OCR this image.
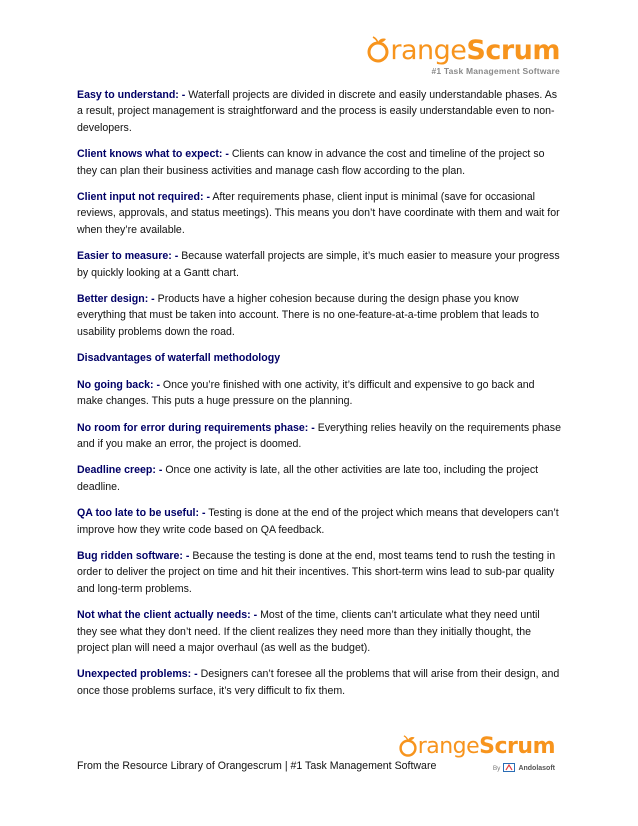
range Scrum
#1 Task Management Software

Easy to understand: - Waterfall projects are divided in discrete and easily understandable phases. As a result, project management is straightforward and the process is easily understandable even to non-developers.

Client knows what to expect: - Clients can know in advance the cost and timeline of the project so they can plan their business activities and manage cash flow according to the plan.

Client input not required: - After requirements phase, client input is minimal (save for occasional reviews, approvals, and status meetings). This means you don’t have coordinate with them and wait for when they’re available.

Easier to measure: - Because waterfall projects are simple, it’s much easier to measure your progress by quickly looking at a Gantt chart.

Better design: - Products have a higher cohesion because during the design phase you know everything that must be taken into account. There is no one-feature-at-a-time problem that leads to usability problems down the road.

Disadvantages of waterfall methodology

No going back: - Once you’re finished with one activity, it’s difficult and expensive to go back and make changes. This puts a huge pressure on the planning.

No room for error during requirements phase: - Everything relies heavily on the requirements phase and if you make an error, the project is doomed.

Deadline creep: - Once one activity is late, all the other activities are late too, including the project deadline.

QA too late to be useful: - Testing is done at the end of the project which means that developers can’t improve how they write code based on QA feedback.

Bug ridden software: - Because the testing is done at the end, most teams tend to rush the testing in order to deliver the project on time and hit their incentives. This short-term wins lead to sub-par quality and long-term problems.

Not what the client actually needs: - Most of the time, clients can’t articulate what they need until they see what they don’t need. If the client realizes they need more than they initially thought, the project plan will need a major overhaul (as well as the budget).

Unexpected problems: - Designers can’t foresee all the problems that will arise from their design, and once those problems surface, it’s very difficult to fix them.

From the Resource Library of Orangescrum | #1 Task Management Software
range Scrum
By	Andolasoft
